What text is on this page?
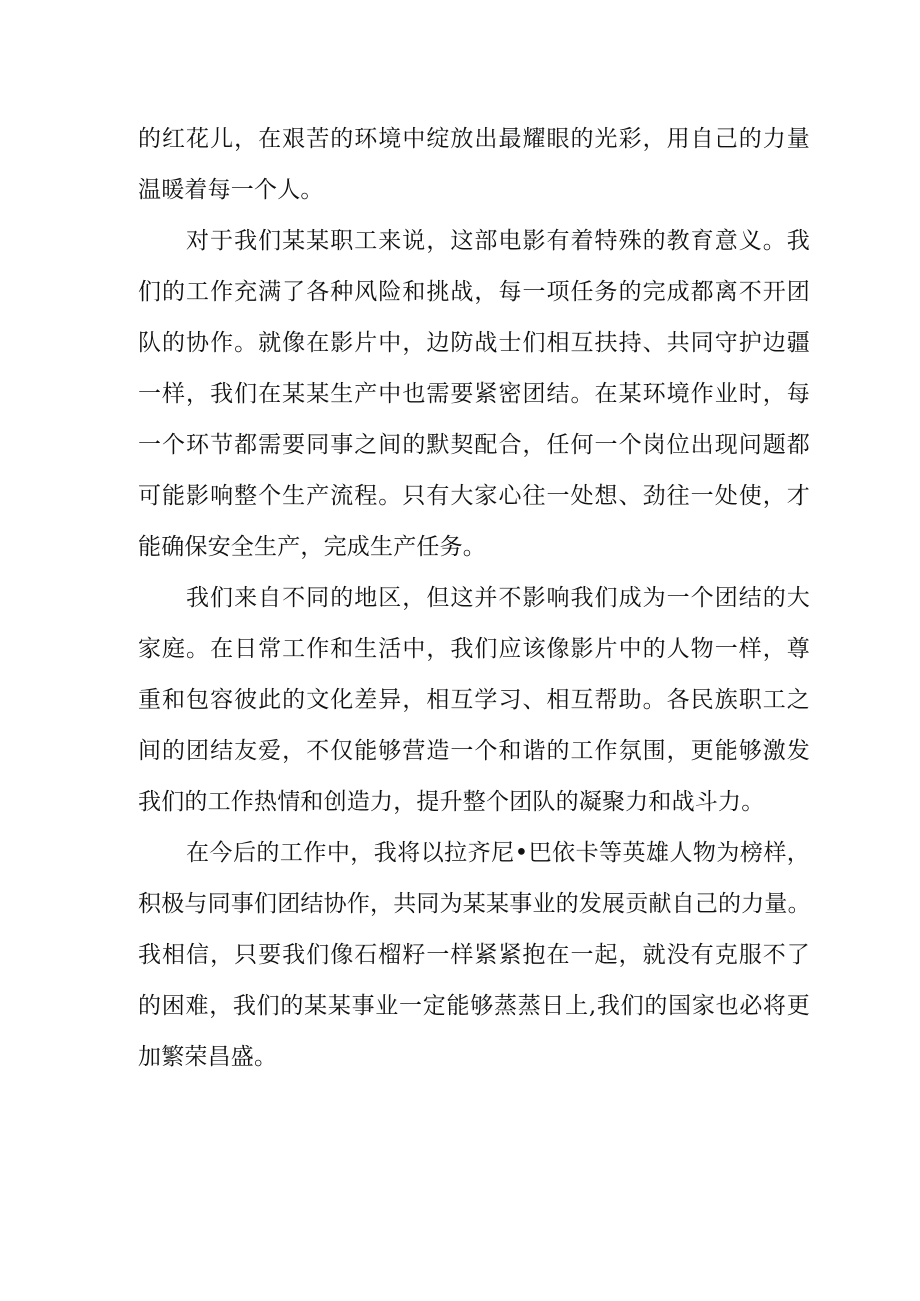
的红花儿，在艰苦的环境中绽放出最耀眼的光彩，用自己的力量
温暖着每一个人。
对于我们某某职工来说，这部电影有着特殊的教育意义。我
们的工作充满了各种风险和挑战，每一项任务的完成都离不开团
队的协作。就像在影片中，边防战士们相互扶持、共同守护边疆
一样，我们在某某生产中也需要紧密团结。在某环境作业时，每
一个环节都需要同事之间的默契配合，任何一个岗位出现问题都
可能影响整个生产流程。只有大家心往一处想、劲往一处使，才
能确保安全生产，完成生产任务。
我们来自不同的地区，但这并不影响我们成为一个团结的大
家庭。在日常工作和生活中，我们应该像影片中的人物一样，尊
重和包容彼此的文化差异，相互学习、相互帮助。各民族职工之
间的团结友爱，不仅能够营造一个和谐的工作氛围，更能够激发
我们的工作热情和创造力，提升整个团队的凝聚力和战斗力。
在今后的工作中，我将以拉齐尼•巴依卡等英雄人物为榜样，
积极与同事们团结协作，共同为某某事业的发展贡献自己的力量。
我相信，只要我们像石榴籽一样紧紧抱在一起，就没有克服不了
的困难，我们的某某事业一定能够蒸蒸日上,我们的国家也必将更
加繁荣昌盛。
